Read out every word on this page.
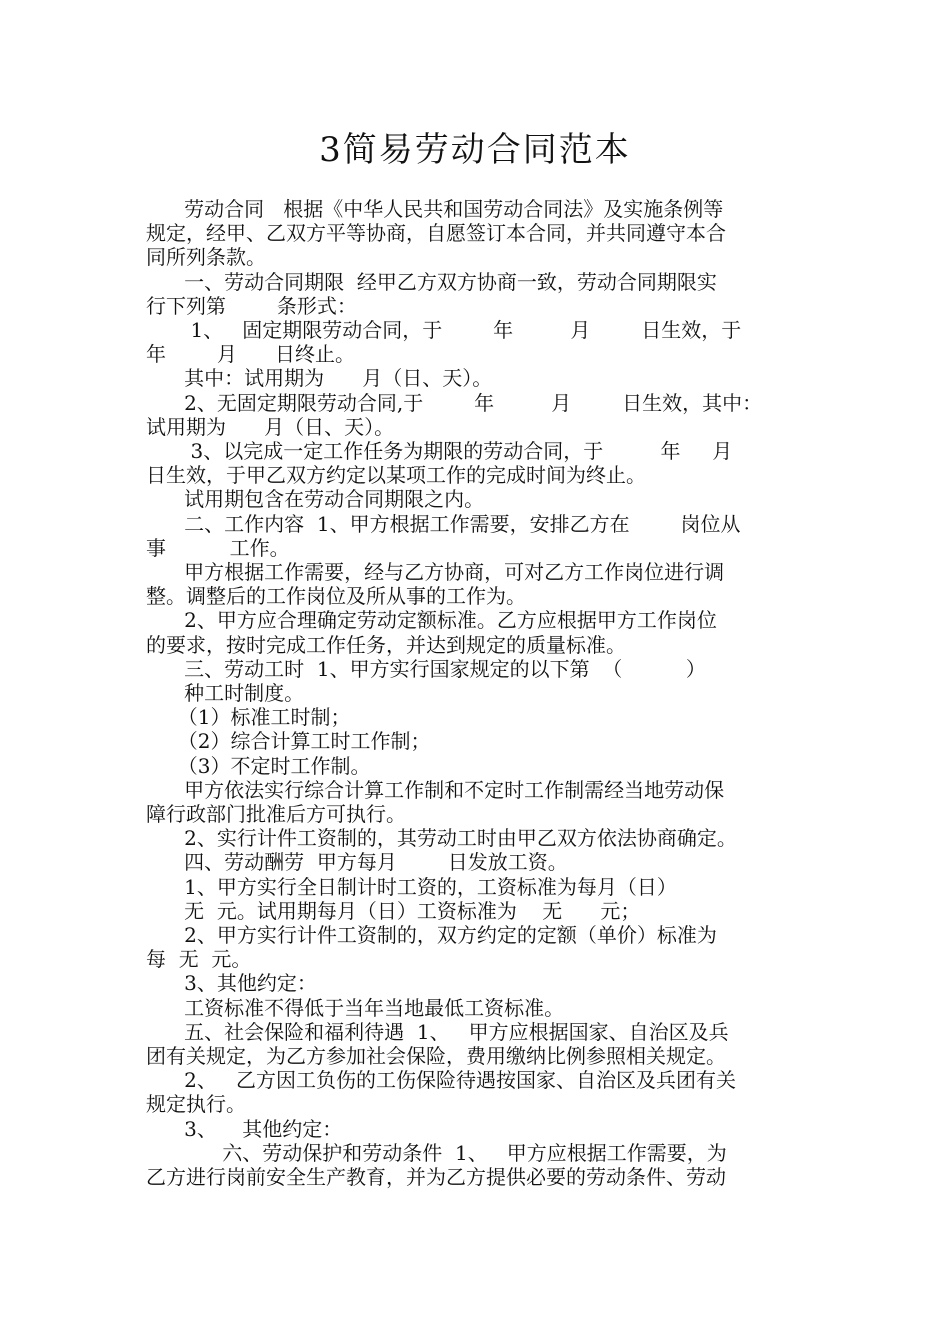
3简易劳动合同范本
劳动合同   根据《中华人民共和国劳动合同法》及实施条例等
规定，经甲、乙双方平等协商，自愿签订本合同，并共同遵守本合
同所列条款。
一、劳动合同期限  经甲乙方双方协商一致，劳动合同期限实
行下列第        条形式：
1、   固定期限劳动合同，于        年         月        日生效，于
年        月      日终止。
其中：试用期为      月（日、天）。
2、无固定期限劳动合同,于        年         月        日生效，其中：
试用期为      月（日、天）。
3、以完成一定工作任务为期限的劳动合同，于         年     月
日生效，于甲乙双方约定以某项工作的完成时间为终止。
试用期包含在劳动合同期限之内。
二、工作内容  1、甲方根据工作需要，安排乙方在        岗位从
事          工作。
甲方根据工作需要，经与乙方协商，可对乙方工作岗位进行调
整。调整后的工作岗位及所从事的工作为。
2、甲方应合理确定劳动定额标准。乙方应根据甲方工作岗位
的要求，按时完成工作任务，并达到规定的质量标准。
三、劳动工时  1、甲方实行国家规定的以下第  （          ）
种工时制度。
（1）标准工时制；
（2）综合计算工时工作制；
（3）不定时工作制。
甲方依法实行综合计算工作制和不定时工作制需经当地劳动保
障行政部门批准后方可执行。
2、实行计件工资制的，其劳动工时由甲乙双方依法协商确定。
四、劳动酬劳  甲方每月        日发放工资。
1、甲方实行全日制计时工资的，工资标准为每月（日）
无  元。试用期每月（日）工资标准为    无      元；
2、甲方实行计件工资制的，双方约定的定额（单价）标准为
每  无  元。
3、其他约定：
工资标准不得低于当年当地最低工资标准。
五、社会保险和福利待遇  1、   甲方应根据国家、自治区及兵
团有关规定，为乙方参加社会保险，费用缴纳比例参照相关规定。
2、   乙方因工负伤的工伤保险待遇按国家、自治区及兵团有关
规定执行。
3、    其他约定：
六、劳动保护和劳动条件  1、   甲方应根据工作需要，为
乙方进行岗前安全生产教育，并为乙方提供必要的劳动条件、劳动
